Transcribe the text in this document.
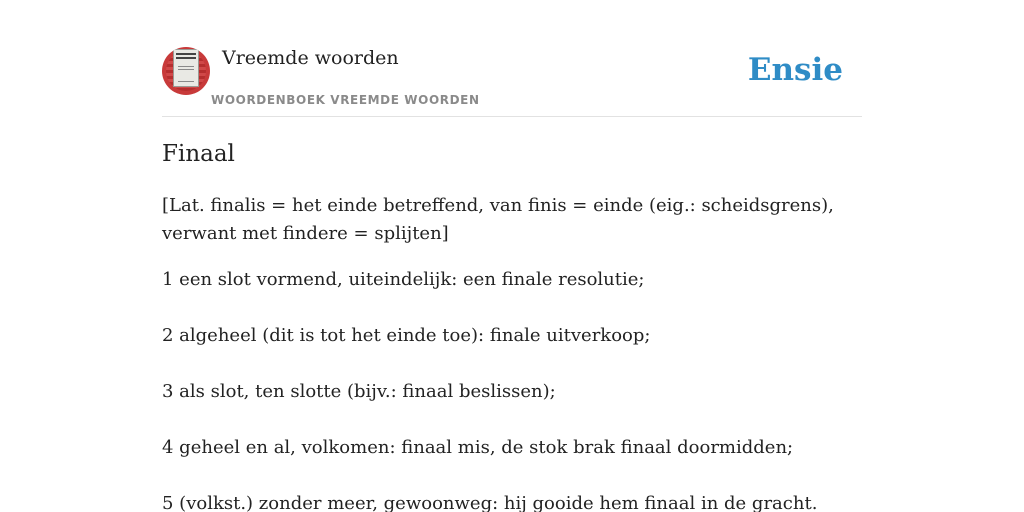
Vreemde woorden
WOORDENBOEK VREEMDE WOORDEN
Ensie
Finaal

[Lat. finalis = het einde betreffend, van finis = einde (eig.: scheidsgrens), verwant met findere = splijten]

1 een slot vormend, uiteindelijk: een finale resolutie;

2 algeheel (dit is tot het einde toe): finale uitverkoop;

3 als slot, ten slotte (bijv.: finaal beslissen);

4 geheel en al, volkomen: finaal mis, de stok brak finaal doormidden;

5 (volkst.) zonder meer, gewoonweg: hij gooide hem finaal in de gracht.
